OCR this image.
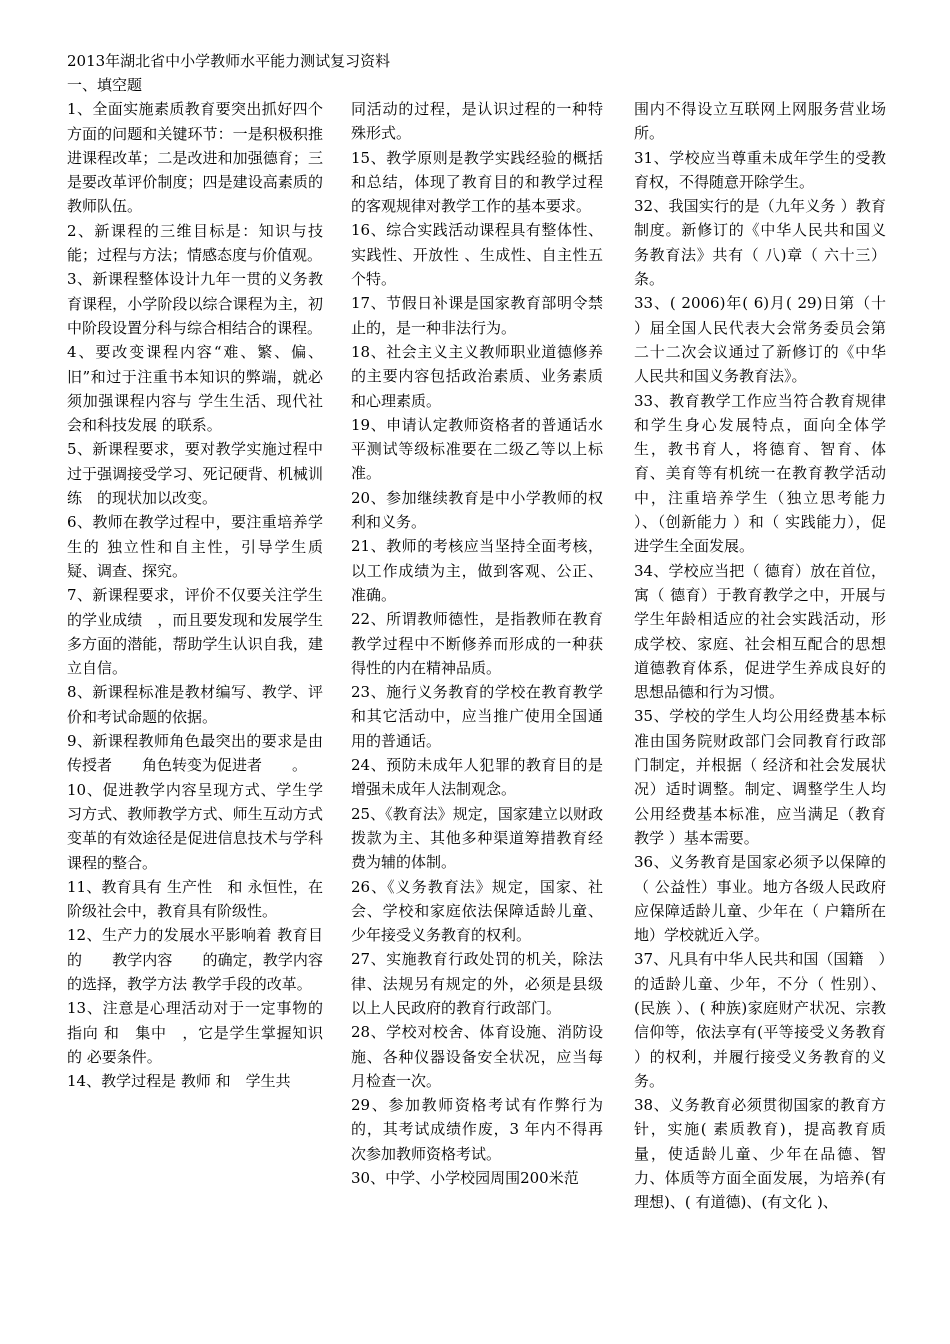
2013年湖北省中小学教师水平能力测试复习资料

一、填空题

1、全面实施素质教育要突出抓好四个方面的问题和关键环节：一是积极积推进课程改革；二是改进和加强德育；三是要改革评价制度；四是建设高素质的教师队伍。

2、新课程的三维目标是：知识与技能；过程与方法；情感态度与价值观。

3、新课程整体设计九年一贯的义务教育课程，小学阶段以综合课程为主，初中阶段设置分科与综合相结合的课程。

4、要改变课程内容“难、繁、偏、旧”和过于注重书本知识的弊端，就必须加强课程内容与 学生生活、现代社会和科技发展 的联系。

5、新课程要求，要对教学实施过程中过于强调接受学习、死记硬背、机械训练　的现状加以改变。

6、教师在教学过程中，要注重培养学生的 独立性和自主性，引导学生质疑、调查、探究。

7、新课程要求，评价不仅要关注学生的学业成绩　，而且要发现和发展学生 多方面的潜能，帮助学生认识自我，建立自信。

8、新课程标准是教材编写、教学、评价和考试命题的依据。

9、新课程教师角色最突出的要求是由 传授者　　角色转变为促进者　　。

10、促进教学内容呈现方式、学生学习方式、教师教学方式、师生互动方式变革的有效途径是促进信息技术与学科课程的整合。

11、教育具有 生产性　和 永恒性，在阶级社会中，教育具有阶级性。

12、生产力的发展水平影响着 教育目的　　教学内容　　的确定，教学内容的选择，教学方法 教学手段的改革。

13、注意是心理活动对于一定事物的 指向 和　集中　，它是学生掌握知识的 必要条件。

14、教学过程是 教师 和　学生共

同活动的过程，是认识过程的一种特殊形式。

15、教学原则是教学实践经验的概括和总结，体现了教育目的和教学过程的客观规律对教学工作的基本要求。

16、综合实践活动课程具有整体性、实践性、开放性 、生成性、自主性五个特。

17、节假日补课是国家教育部明令禁止的，是一种非法行为。

18、社会主义主义教师职业道德修养的主要内容包括政治素质、业务素质和心理素质。

19、申请认定教师资格者的普通话水平测试等级标准要在二级乙等以上标准。

20、参加继续教育是中小学教师的权利和义务。

21、教师的考核应当坚持全面考核，以工作成绩为主，做到客观、公正、准确。

22、所谓教师德性，是指教师在教育教学过程中不断修养而形成的一种获得性的内在精神品质。

23、施行义务教育的学校在教育教学和其它活动中，应当推广使用全国通用的普通话。

24、预防未成年人犯罪的教育目的是增强未成年人法制观念。

25、《教育法》规定，国家建立以财政拨款为主、其他多种渠道筹措教育经费为辅的体制。

26、《义务教育法》规定，国家、社会、学校和家庭依法保障适龄儿童、少年接受义务教育的权利。

27、实施教育行政处罚的机关，除法律、法规另有规定的外，必须是县级以上人民政府的教育行政部门。

28、学校对校舍、体育设施、消防设施、各种仪器设备安全状况，应当每月检查一次。

29、参加教师资格考试有作弊行为的，其考试成绩作废，3 年内不得再次参加教师资格考试。

30、中学、小学校园周围200米范

围内不得设立互联网上网服务营业场所。

31、学校应当尊重未成年学生的受教育权，不得随意开除学生。

32、我国实行的是（九年义务 ）教育制度。新修订的《中华人民共和国义务教育法》共有（ 八)章（ 六十三）条。

33、( 2006)年( 6)月( 29)日第（十 ）届全国人民代表大会常务委员会第二十二次会议通过了新修订的《中华人民共和国义务教育法》。

33、教育教学工作应当符合教育规律和学生身心发展特点，面向全体学生，教书育人，将德育、智育、体育、美育等有机统一在教育教学活动中，注重培养学生（独立思考能力 ）、（创新能力 ）和（ 实践能力），促进学生全面发展。

34、学校应当把（ 德育）放在首位，寓（ 德育）于教育教学之中，开展与学生年龄相适应的社会实践活动，形成学校、家庭、社会相互配合的思想道德教育体系，促进学生养成良好的思想品德和行为习惯。

35、学校的学生人均公用经费基本标准由国务院财政部门会同教育行政部门制定，并根据（ 经济和社会发展状况）适时调整。制定、调整学生人均公用经费基本标准，应当满足（教育教学 ）基本需要。

36、义务教育是国家必须予以保障的（ 公益性）事业。地方各级人民政府应保障适龄儿童、少年在（ 户籍所在地）学校就近入学。

37、凡具有中华人民共和国（国籍　）的适龄儿童、少年，不分（ 性别）、(民族 ）、( 种族)家庭财产状况、宗教信仰等，依法享有(平等接受义务教育 ）的权利，并履行接受义务教育的义务。

38、义务教育必须贯彻国家的教育方针，实施( 素质教育)，提高教育质量，使适龄儿童、少年在品德、智力、体质等方面全面发展，为培养(有理想)、( 有道德)、(有文化 )、
